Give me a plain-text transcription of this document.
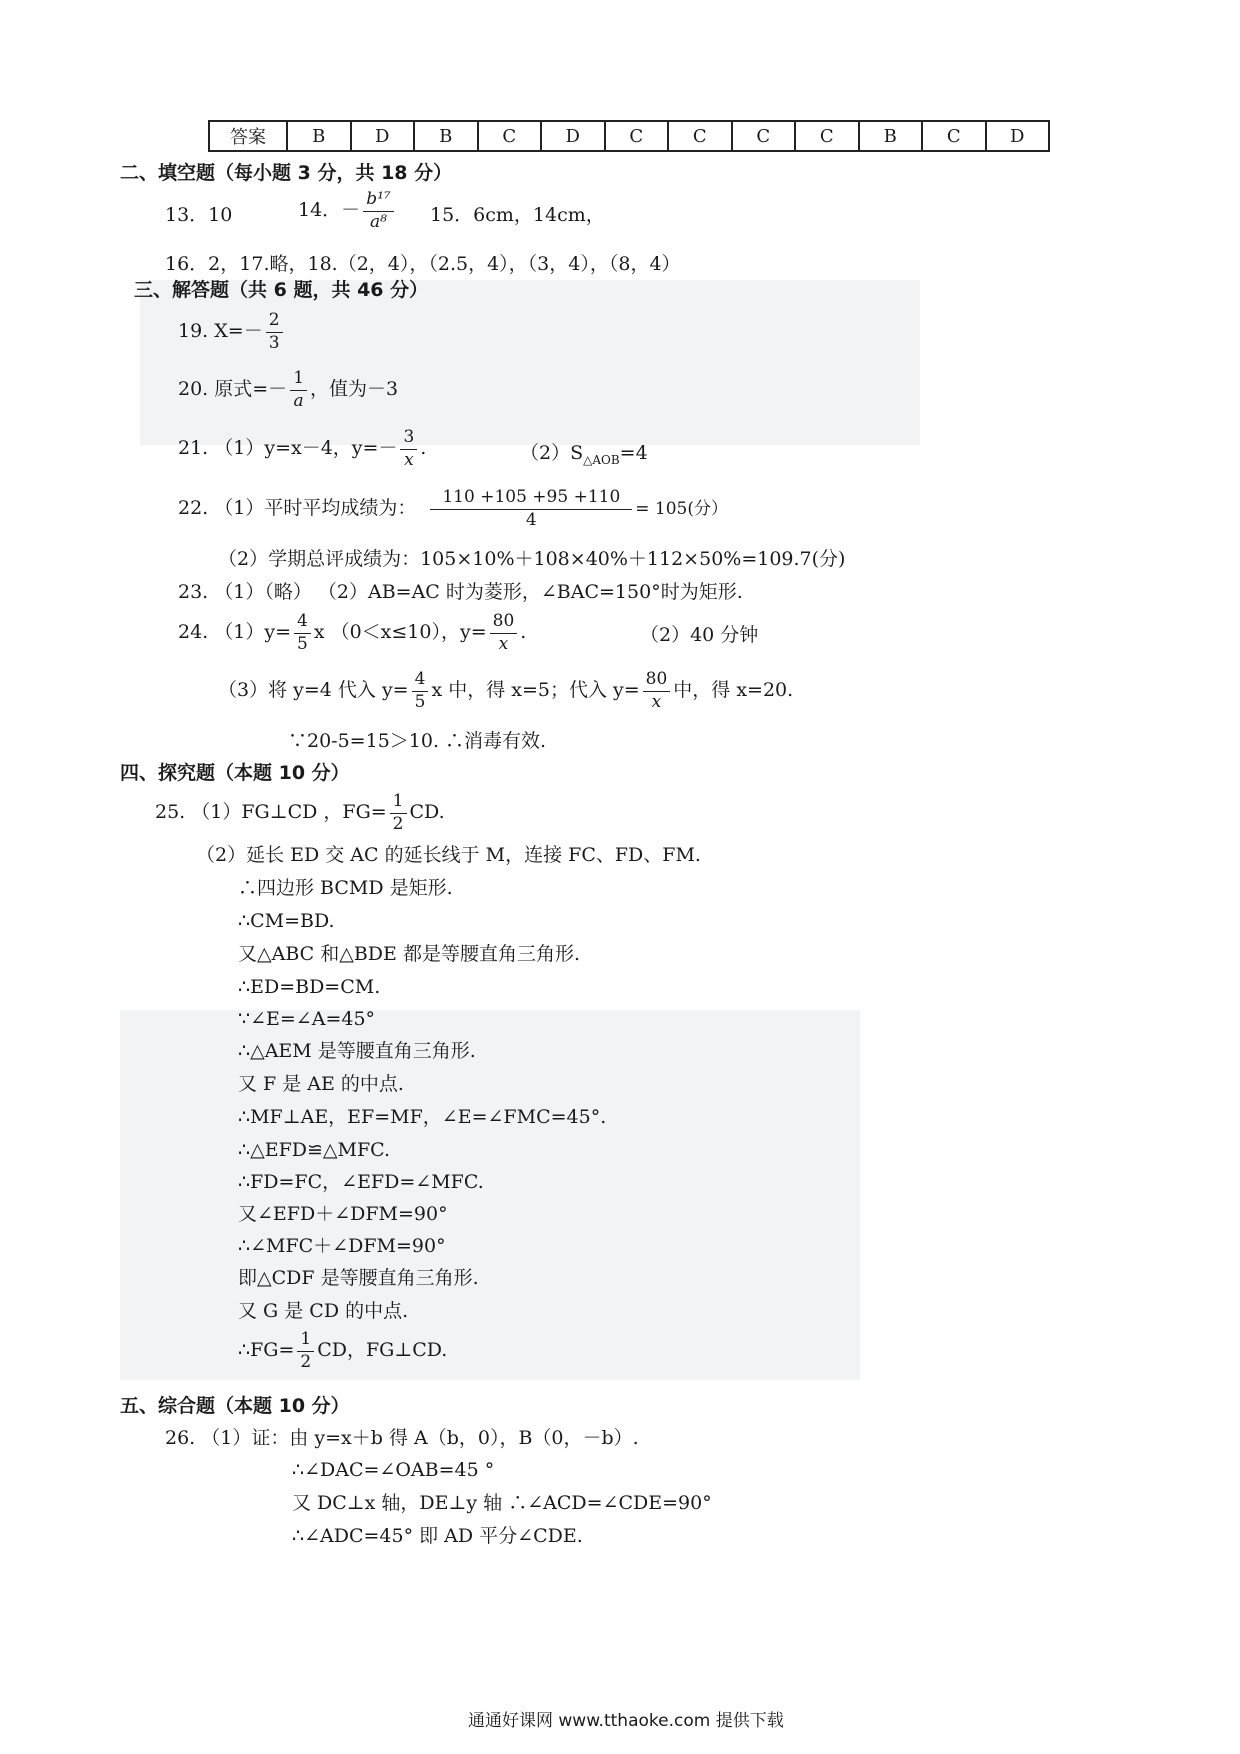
答案	B	D	B	C	D	C	C	C	C	B	C	D
二、填空题（每小题 3 分，共 18 分）
13．10	14．－ $\frac{\text{b¹⁷}}{\text{a⁸}} 15$．6cm，14cm，
16．2，17.略，18.（2，4），（2.5，4），（3，4），（8，4）
三、解答题（共 6 题，共 46 分）
19. $X=- \frac{2}{3}$
20. 原式=－ $\frac{1}{a}$ ，值为－3
21. （1）y=x－4，$y=- \frac{3}{x}$ .	$(2)S_{\triangle AOB}=4$
22. （1）平时平均成绩为： $\frac{110 +105 +95 +110}{4} = 105$(分）
（2）学期总评成绩为：105×10%＋108×40%＋112×50%=109.7(分)
23. （1）（略） （2）AB=AC 时为菱形，∠BAC=150°时为矩形.
24. $(1)y= \frac{4}{5}$ x （0＜x≤10），$y= \frac{80}{x}$ .	（2）40 分钟
（3）将 y=4 代入 $y= \frac{4}{5}$ x 中，得 x=5；代入 $y= \frac{80}{x}$ 中，得 x=20.
∵20-5=15＞10. ∴消毒有效.
四、探究题（本题 10 分）
25. （1）FG⊥CD ，$FG= \frac{1}{2}$ CD.
（2）延长 ED 交 AC 的延长线于 M，连接 FC、FD、FM.
∴四边形 BCMD 是矩形.
∴CM=BD.
又△ABC 和△BDE 都是等腰直角三角形.
∴ED=BD=CM.
∵∠E=∠A=45°
∴△AEM 是等腰直角三角形.
又 F 是 AE 的中点.
∴MF⊥AE，EF=MF，∠E=∠FMC=45°.
∴△EFD≌△MFC.
∴FD=FC，∠EFD=∠MFC.
又∠EFD＋∠DFM=90°
∴∠MFC＋∠DFM=90°
即△CDF 是等腰直角三角形.
又 G 是 CD 的中点.
∴FG= $\frac{1}{2}$ CD，FG⊥CD.
五、综合题（本题 10 分）
26. （1）证：由 y=x＋b 得 A（b，0），B（0，－b）.
∴∠DAC=∠OAB=45 °
又 DC⊥x 轴，DE⊥y 轴 ∴∠ACD=∠CDE=90°
∴∠ADC=45° 即 AD 平分∠CDE.
通通好课网 www.tthaoke.com 提供下载
